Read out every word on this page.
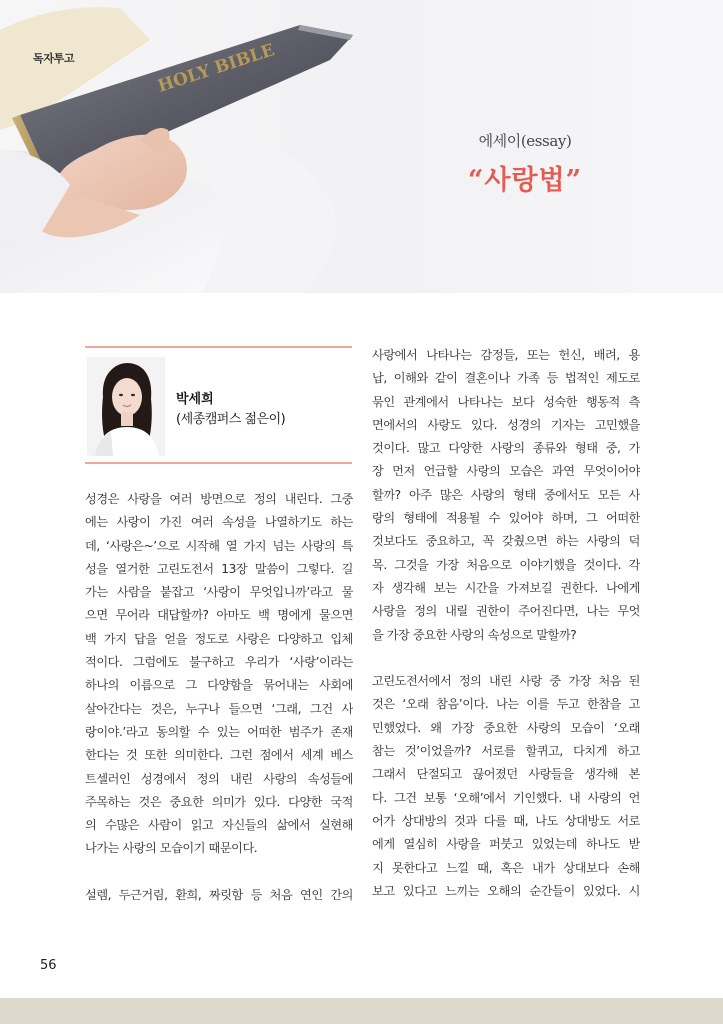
HOLY BIBLE
독자투고
에세이(essay)
“사랑법”
박세희
(세종캠퍼스 젊은이)
성경은 사랑을 여러 방면으로 정의 내린다. 그중
에는 사랑이 가진 여러 속성을 나열하기도 하는
데, ‘사랑은~’으로 시작해 열 가지 넘는 사랑의 특
성을 열거한 고린도전서 13장 말씀이 그렇다. 길
가는 사람을 붙잡고 ‘사랑이 무엇입니까’라고 물
으면 무어라 대답할까? 아마도 백 명에게 물으면
백 가지 답을 얻을 정도로 사랑은 다양하고 입체
적이다. 그럼에도 불구하고 우리가 ‘사랑’이라는
하나의 이름으로 그 다양함을 묶어내는 사회에
살아간다는 것은, 누구나 들으면 ‘그래, 그건 사
랑이야.’라고 동의할 수 있는 어떠한 범주가 존재
한다는 것 또한 의미한다. 그런 점에서 세계 베스
트셀러인 성경에서 정의 내린 사랑의 속성들에
주목하는 것은 중요한 의미가 있다. 다양한 국적
의 수많은 사람이 읽고 자신들의 삶에서 실현해
나가는 사랑의 모습이기 때문이다.
설렘, 두근거림, 환희, 짜릿함 등 처음 연인 간의
사랑에서 나타나는 감정들, 또는 헌신, 배려, 용
납, 이해와 같이 결혼이나 가족 등 법적인 제도로
묶인 관계에서 나타나는 보다 성숙한 행동적 측
면에서의 사랑도 있다. 성경의 기자는 고민했을
것이다. 많고 다양한 사랑의 종류와 형태 중, 가
장 먼저 언급할 사랑의 모습은 과연 무엇이어야
할까? 아주 많은 사랑의 형태 중에서도 모든 사
랑의 형태에 적용될 수 있어야 하며, 그 어떠한
것보다도 중요하고, 꼭 갖췄으면 하는 사랑의 덕
목. 그것을 가장 처음으로 이야기했을 것이다. 각
자 생각해 보는 시간을 가져보길 권한다. 나에게
사랑을 정의 내릴 권한이 주어진다면, 나는 무엇
을 가장 중요한 사랑의 속성으로 말할까?
고린도전서에서 정의 내린 사랑 중 가장 처음 된
것은 ‘오래 참음’이다. 나는 이를 두고 한참을 고
민했었다. 왜 가장 중요한 사랑의 모습이 ‘오래
참는 것’이었을까? 서로를 할퀴고, 다치게 하고
그래서 단절되고 끊어졌던 사랑들을 생각해 본
다. 그건 보통 ‘오해’에서 기인했다. 내 사랑의 언
어가 상대방의 것과 다를 때, 나도 상대방도 서로
에게 열심히 사랑을 퍼붓고 있었는데 하나도 받
지 못한다고 느낄 때, 혹은 내가 상대보다 손해
보고 있다고 느끼는 오해의 순간들이 있었다. 시
56
